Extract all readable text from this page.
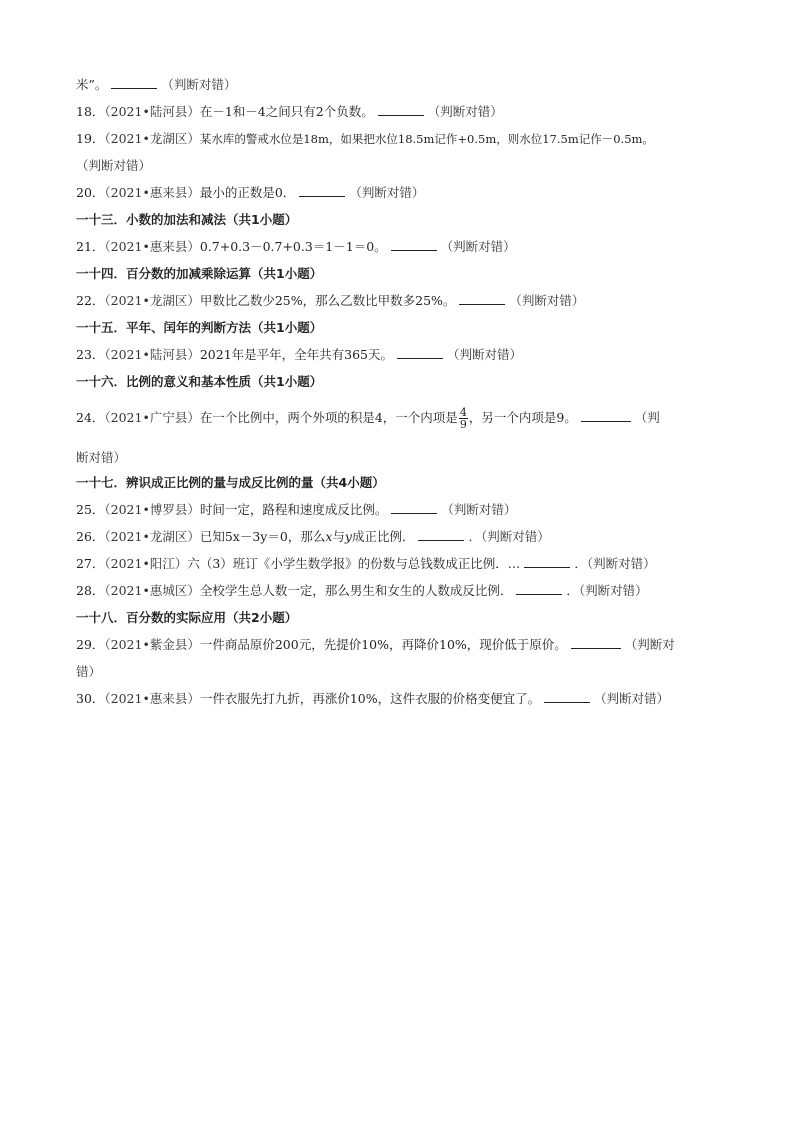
米”。	（判断对错）
18．（2021•陆河县）在－1和－4之间只有2个负数。	（判断对错）
19．（2021•龙湖区）某水库的警戒水位是18m，如果把水位18.5m记作+0.5m，则水位17.5m记作－0.5m。
（判断对错）
20．（2021•惠来县）最小的正数是0．	（判断对错）
一十三．小数的加法和减法（共1小题）
21．（2021•惠来县）0.7+0.3－0.7+0.3＝1－1＝0。	（判断对错）
一十四．百分数的加减乘除运算（共1小题）
22．（2021•龙湖区）甲数比乙数少25%，那么乙数比甲数多25%。	（判断对错）
一十五．平年、闰年的判断方法（共1小题）
23．（2021•陆河县）2021年是平年，全年共有365天。	（判断对错）
一十六．比例的意义和基本性质（共1小题）
24．（2021•广宁县）在一个比例中，两个外项的积是4，一个内项是 $\frac{4}{9}$ ，另一个内项是9。	（判
断对错）
一十七．辨识成正比例的量与成反比例的量（共4小题）
25．（2021•博罗县）时间一定，路程和速度成反比例。	（判断对错）
26．（2021•龙湖区）已知5x－3y＝0，那么x与y成正比例．	．（判断对错）
27．（2021•阳江）六（3）班订《小学生数学报》的份数与总钱数成正比例．…	．（判断对错）
28．（2021•惠城区）全校学生总人数一定，那么男生和女生的人数成反比例．	．（判断对错）
一十八．百分数的实际应用（共2小题）
29．（2021•紫金县）一件商品原价200元，先提价10%，再降价10%，现价低于原价。	（判断对
错）
30．（2021•惠来县）一件衣服先打九折，再涨价10%，这件衣服的价格变便宜了。	（判断对错）
